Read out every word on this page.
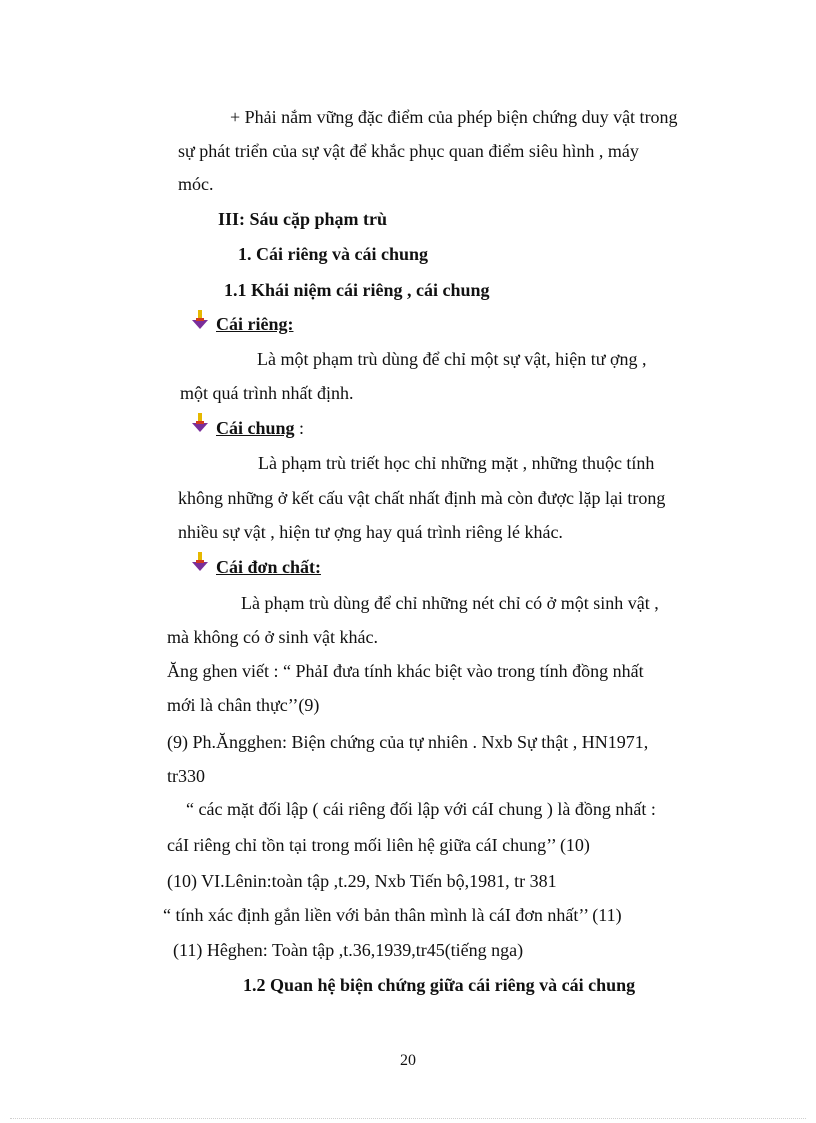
+ Phải nắm vững đặc điểm của phép biện chứng duy vật trong
sự phát triển của sự vật để khắc phục quan điểm siêu hình , máy
móc.
III: Sáu cặp phạm trù
1. Cái riêng và cái chung
1.1 Khái niệm cái riêng , cái chung
Cái riêng:
Là một phạm trù dùng để chỉ một sự vật, hiện tư ợng ,
một quá trình nhất định.
Cái chung :
Là phạm trù triết học chỉ những mặt , những thuộc tính
không những ở kết cấu vật chất nhất định mà còn được lặp lại trong
nhiều sự vật , hiện tư ợng hay quá trình riêng lé khác.
Cái đơn chất:
Là phạm trù dùng để chỉ những nét chỉ có ở một sinh vật ,
mà không có ở sinh vật khác.
Ăng ghen viết : “ PhảI đưa tính khác biệt vào trong tính đồng nhất
mới là chân thực’’(9)
(9) Ph.Ăngghen: Biện chứng của tự nhiên . Nxb Sự thật , HN1971,
tr330
“ các mặt đối lập ( cái riêng đối lập với cáI chung ) là đồng nhất :
cáI riêng chỉ tồn tại trong mối liên hệ giữa cáI chung’’ (10)
(10) VI.Lênin:toàn tập ,t.29, Nxb Tiến bộ,1981, tr 381
“ tính xác định gắn liền với bản thân mình là cáI đơn nhất’’ (11)
(11) Hêghen: Toàn tập ,t.36,1939,tr45(tiếng nga)
1.2 Quan hệ biện chứng giữa cái riêng và cái chung
20
